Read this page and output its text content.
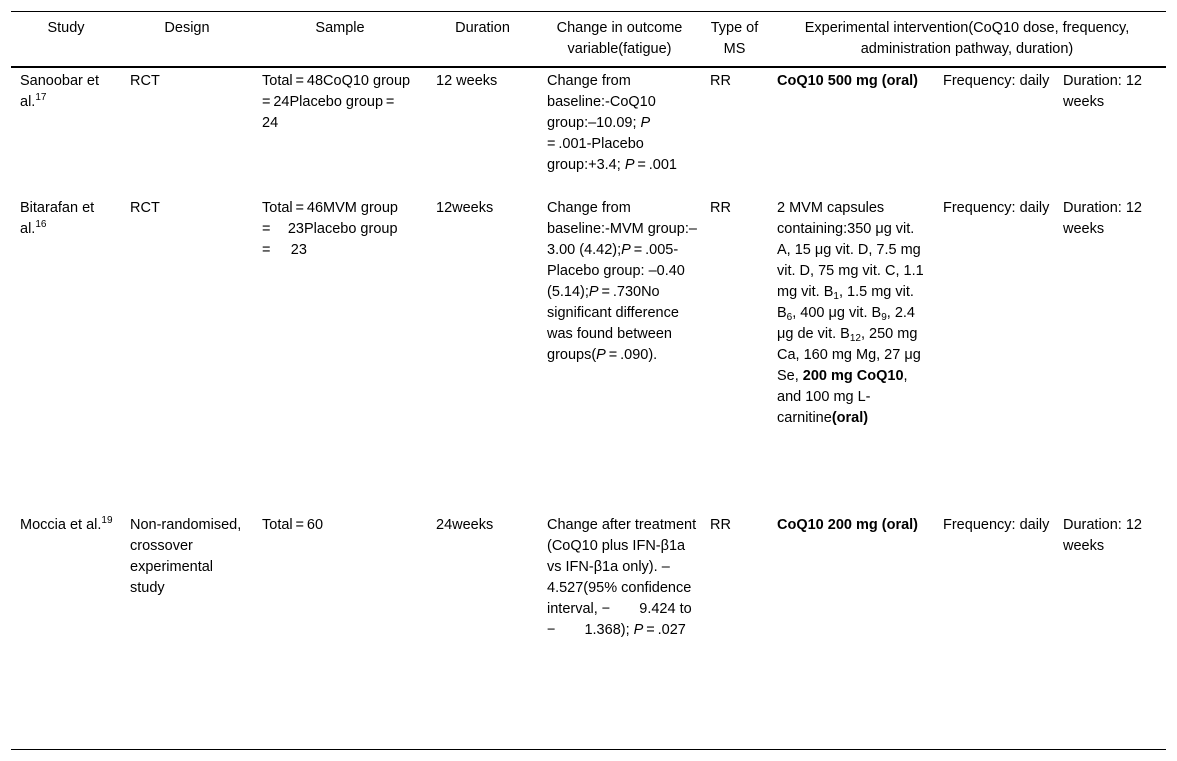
Study	Design	Sample	Duration	Change in outcome variable(fatigue)	Type of MS	Experimental intervention(CoQ10 dose, frequency, administration pathway, duration)		
Sanoobar et al.$^{17}$	RCT	Total = 48CoQ10 group = 24Placebo group =   24	12 weeks	Change from baseline:-CoQ10 group:–10.09; P = .001-Placebo group:+3.4; P = .001	RR	CoQ10 500 mg (oral)	Frequency: daily	Duration: 12 weeks
Bitarafan et al.$^{16}$	RCT	Total = 46MVM group =  23Placebo group =   23	12weeks	Change from baseline:-MVM group:–3.00 (4.42);P = .005-Placebo group: –0.40 (5.14);P = .730No significant difference was found between groups(P = .090).	RR	2 MVM capsules containing:350 μg vit. A, 15 μg vit. D, 7.5 mg vit. D, 75 mg vit. C, 1.1 mg vit. $B_1$, 1.5 mg vit. $B_6$, 400 μg vit. $B_9$, 2.4 μg de vit. $B_{12}$, 250 mg Ca, 160 mg Mg, 27 μg Se, 200 mg CoQ10, and 100 mg L-carnitine(oral)	Frequency: daily	Duration: 12 weeks
Moccia et al.$^{19}$	Non-randomised, crossover experimental study	Total = 60	24weeks	Change after treatment (CoQ10 plus IFN-β1a vs IFN-β1a only). –4.527(95% confidence interval, −  9.424 to −  1.368); P = .027	RR	CoQ10 200 mg (oral)	Frequency: daily	Duration: 12 weeks
